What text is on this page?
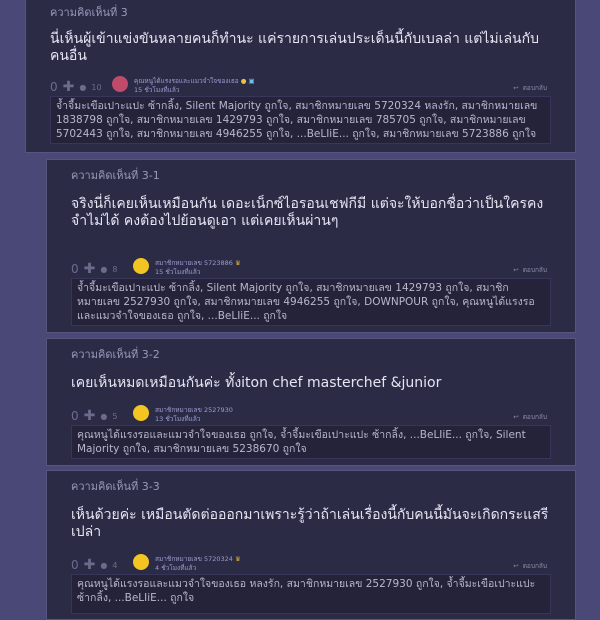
ความคิดเห็นที่ 3
นี่เห็นผู้เข้าแข่งขันหลายคนก็ทำนะ แค่รายการเล่นประเด็นนี้กับเบลล่า แต่ไม่เล่นกับคนอื่น
0 ✚ ● 10
คุณหนูได้แรงรอและแมวจำใจของเธอ ● ▣
15 ชั่วโมงที่แล้ว	↩ ตอบกลับ
จ้ำจี้มะเขือเปาะแปะ ซ้ากลิ้ง, Silent Majority ถูกใจ, สมาชิกหมายเลข 5720324 หลงรัก, สมาชิกหมายเลข 1838798 ถูกใจ, สมาชิกหมายเลข 1429793 ถูกใจ, สมาชิกหมายเลข 785705 ถูกใจ, สมาชิกหมายเลข 5702443 ถูกใจ, สมาชิกหมายเลข 4946255 ถูกใจ, ...BeLIiE... ถูกใจ, สมาชิกหมายเลข 5723886 ถูกใจ
ความคิดเห็นที่ 3-1
จริงนี่ก็เคยเห็นเหมือนกัน เดอะเน็กซ์ไอรอนเชฟกีมี แต่จะให้บอกชื่อว่าเป็นใครคงจำไม่ได้ คงต้องไปย้อนดูเอา แต่เคยเห็นผ่านๆ
0 ✚ ● 8
สมาชิกหมายเลข 5723886 ♛
15 ชั่วโมงที่แล้ว	↩ ตอบกลับ
จ้ำจี้มะเขือเปาะแปะ ซ้ากลิ้ง, Silent Majority ถูกใจ, สมาชิกหมายเลข 1429793 ถูกใจ, สมาชิกหมายเลข 2527930 ถูกใจ, สมาชิกหมายเลข 4946255 ถูกใจ, DOWNPOUR ถูกใจ, คุณหนูได้แรงรอและแมวจำใจของเธอ ถูกใจ, ...BeLIiE... ถูกใจ
ความคิดเห็นที่ 3-2
เคยเห็นหมดเหมือนกันค่ะ ทั้งiton chef masterchef &junior
0 ✚ ● 5
สมาชิกหมายเลข 2527930
13 ชั่วโมงที่แล้ว	↩ ตอบกลับ
คุณหนูได้แรงรอและแมวจำใจของเธอ ถูกใจ, จ้ำจี้มะเขือเปาะแปะ ซ้ากลิ้ง, ...BeLIiE... ถูกใจ, Silent Majority ถูกใจ, สมาชิกหมายเลข 5238670 ถูกใจ
ความคิดเห็นที่ 3-3
เห็นด้วยค่ะ เหมือนตัดต่อออกมาเพราะรู้ว่าถ้าเล่นเรื่องนี้กับคนนี้มันจะเกิดกระแสรีเปล่า
0 ✚ ● 4
สมาชิกหมายเลข 5720324 ♛
4 ชั่วโมงที่แล้ว	↩ ตอบกลับ
คุณหนูได้แรงรอและแมวจำใจของเธอ หลงรัก, สมาชิกหมายเลข 2527930 ถูกใจ, จ้ำจี้มะเขือเปาะแปะ ซ้ากลิ้ง, ...BeLIiE... ถูกใจ
